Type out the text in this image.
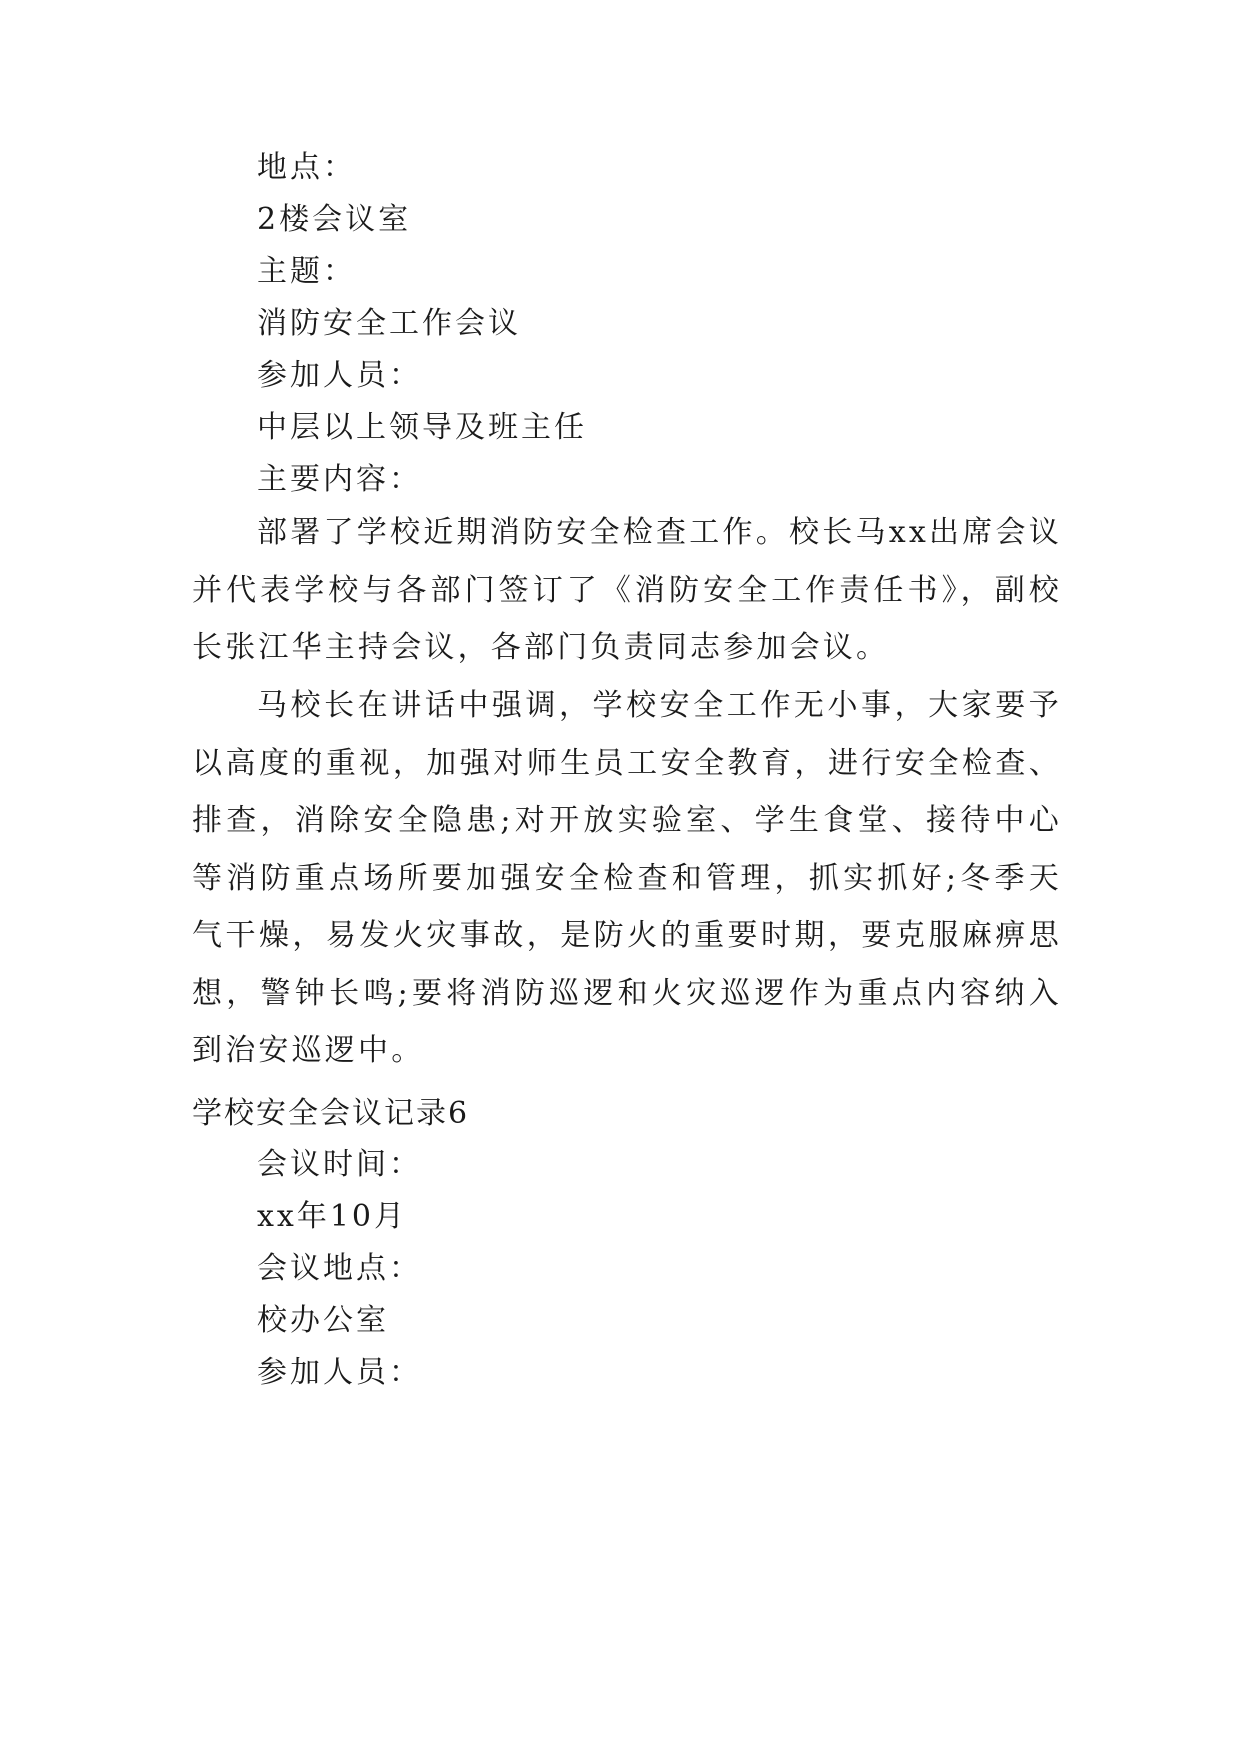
地点：
2楼会议室
主题：
消防安全工作会议
参加人员：
中层以上领导及班主任
主要内容：

部署了学校近期消防安全检查工作。校长马xx出席会议并代表学校与各部门签订了《消防安全工作责任书》，副校长张江华主持会议，各部门负责同志参加会议。

马校长在讲话中强调，学校安全工作无小事，大家要予以高度的重视，加强对师生员工安全教育，进行安全检查、排查，消除安全隐患;对开放实验室、学生食堂、接待中心等消防重点场所要加强安全检查和管理，抓实抓好;冬季天气干燥，易发火灾事故，是防火的重要时期，要克服麻痹思想，警钟长鸣;要将消防巡逻和火灾巡逻作为重点内容纳入到治安巡逻中。

学校安全会议记录6
会议时间：
xx年10月
会议地点：
校办公室
参加人员：
